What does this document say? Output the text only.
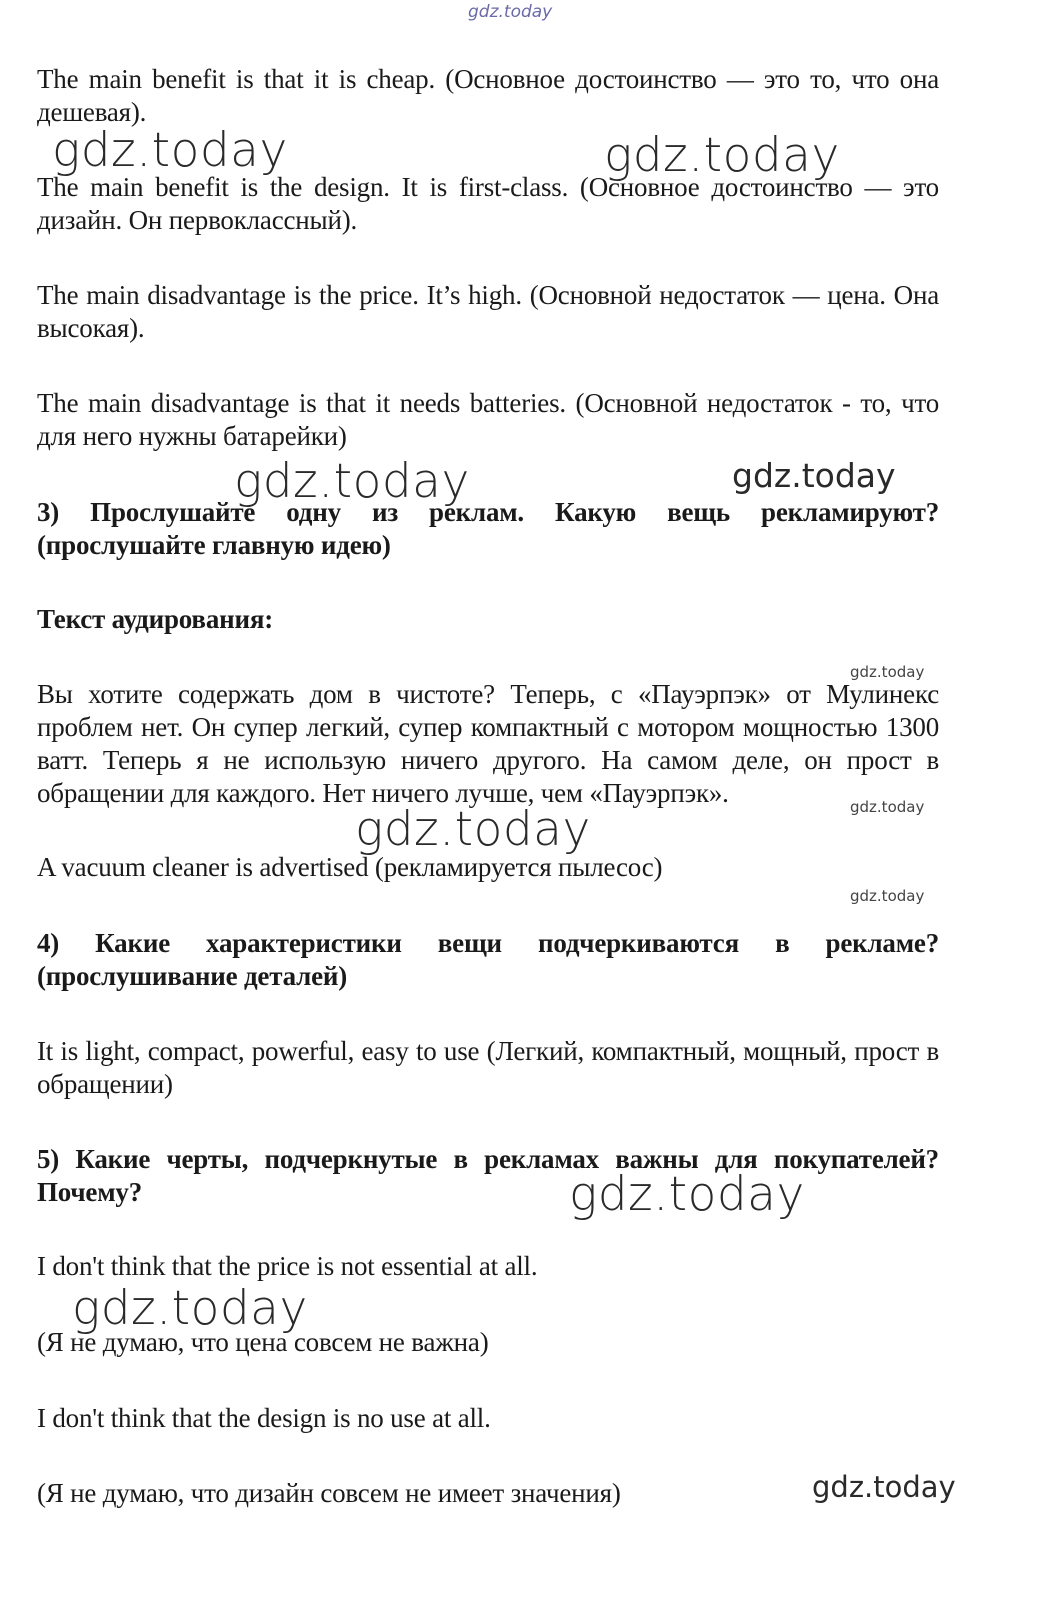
gdz.today

The main benefit is that it is cheap. (Основное достоинство — это то, что она дешевая).

The main benefit is the design. It is first-class. (Основное достоинство — это дизайн. Он первоклассный).

The main disadvantage is the price. It’s high. (Основной недостаток — цена. Она высокая).

The main disadvantage is that it needs batteries. (Основной недостаток - то, что для него нужны батарейки)

3) Прослушайте одну из реклам. Какую вещь рекламируют? (прослушайте главную идею)

Текст аудирования:

Вы хотите содержать дом в чистоте? Теперь, с «Пауэрпэк» от Мулинекс проблем нет. Он супер легкий, супер компактный с мотором мощностью 1300 ватт. Теперь я не использую ничего другого. На самом деле, он прост в обращении для каждого. Нет ничего лучше, чем «Пауэрпэк».

A vacuum cleaner is advertised (рекламируется пылесос)

4) Какие характеристики вещи подчеркиваются в рекламе? (прослушивание деталей)

It is light, compact, powerful, easy to use (Легкий, компактный, мощный, прост в обращении)

5) Какие черты, подчеркнутые в рекламах важны для покупателей? Почему?

I don't think that the price is not essential at all.

(Я не думаю, что цена совсем не важна)

I don't think that the design is no use at all.

(Я не думаю, что дизайн совсем не имеет значения)

gdz.today	gdz.today
gdz.today	gdz.today
gdz.today
gdz.today
gdz.today
gdz.today
gdz.today
gdz.today
gdz.today
